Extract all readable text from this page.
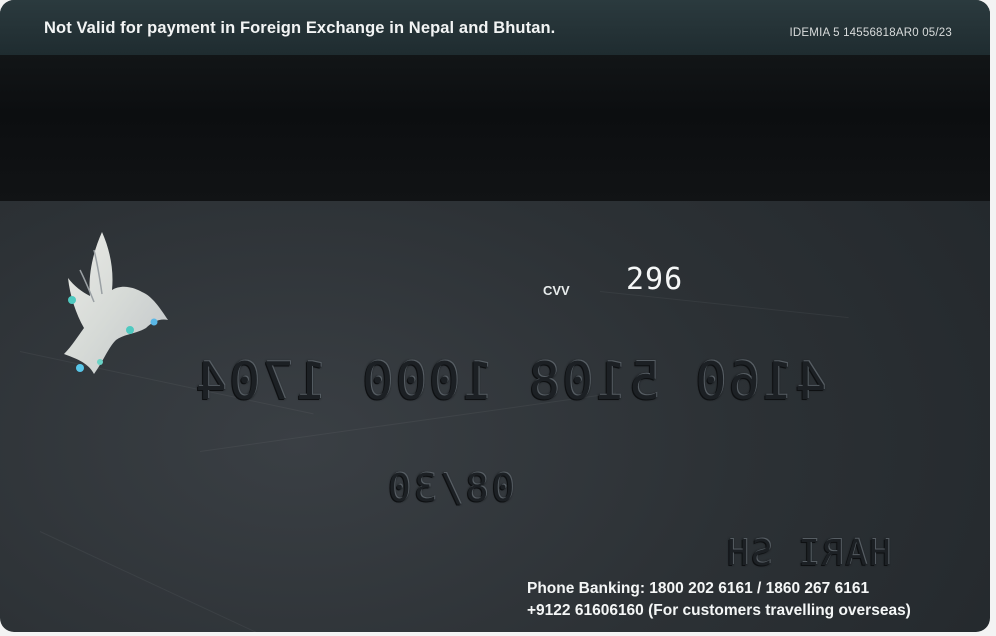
Not Valid for payment in Foreign Exchange in Nepal and Bhutan.	IDEMIA 5 14556818AR0 05/23
CVV 296
4160 5108 1000 1704
08/30
HARI SH
Phone Banking: 1800 202 6161 / 1860 267 6161
+9122 61606160 (For customers travelling overseas)
